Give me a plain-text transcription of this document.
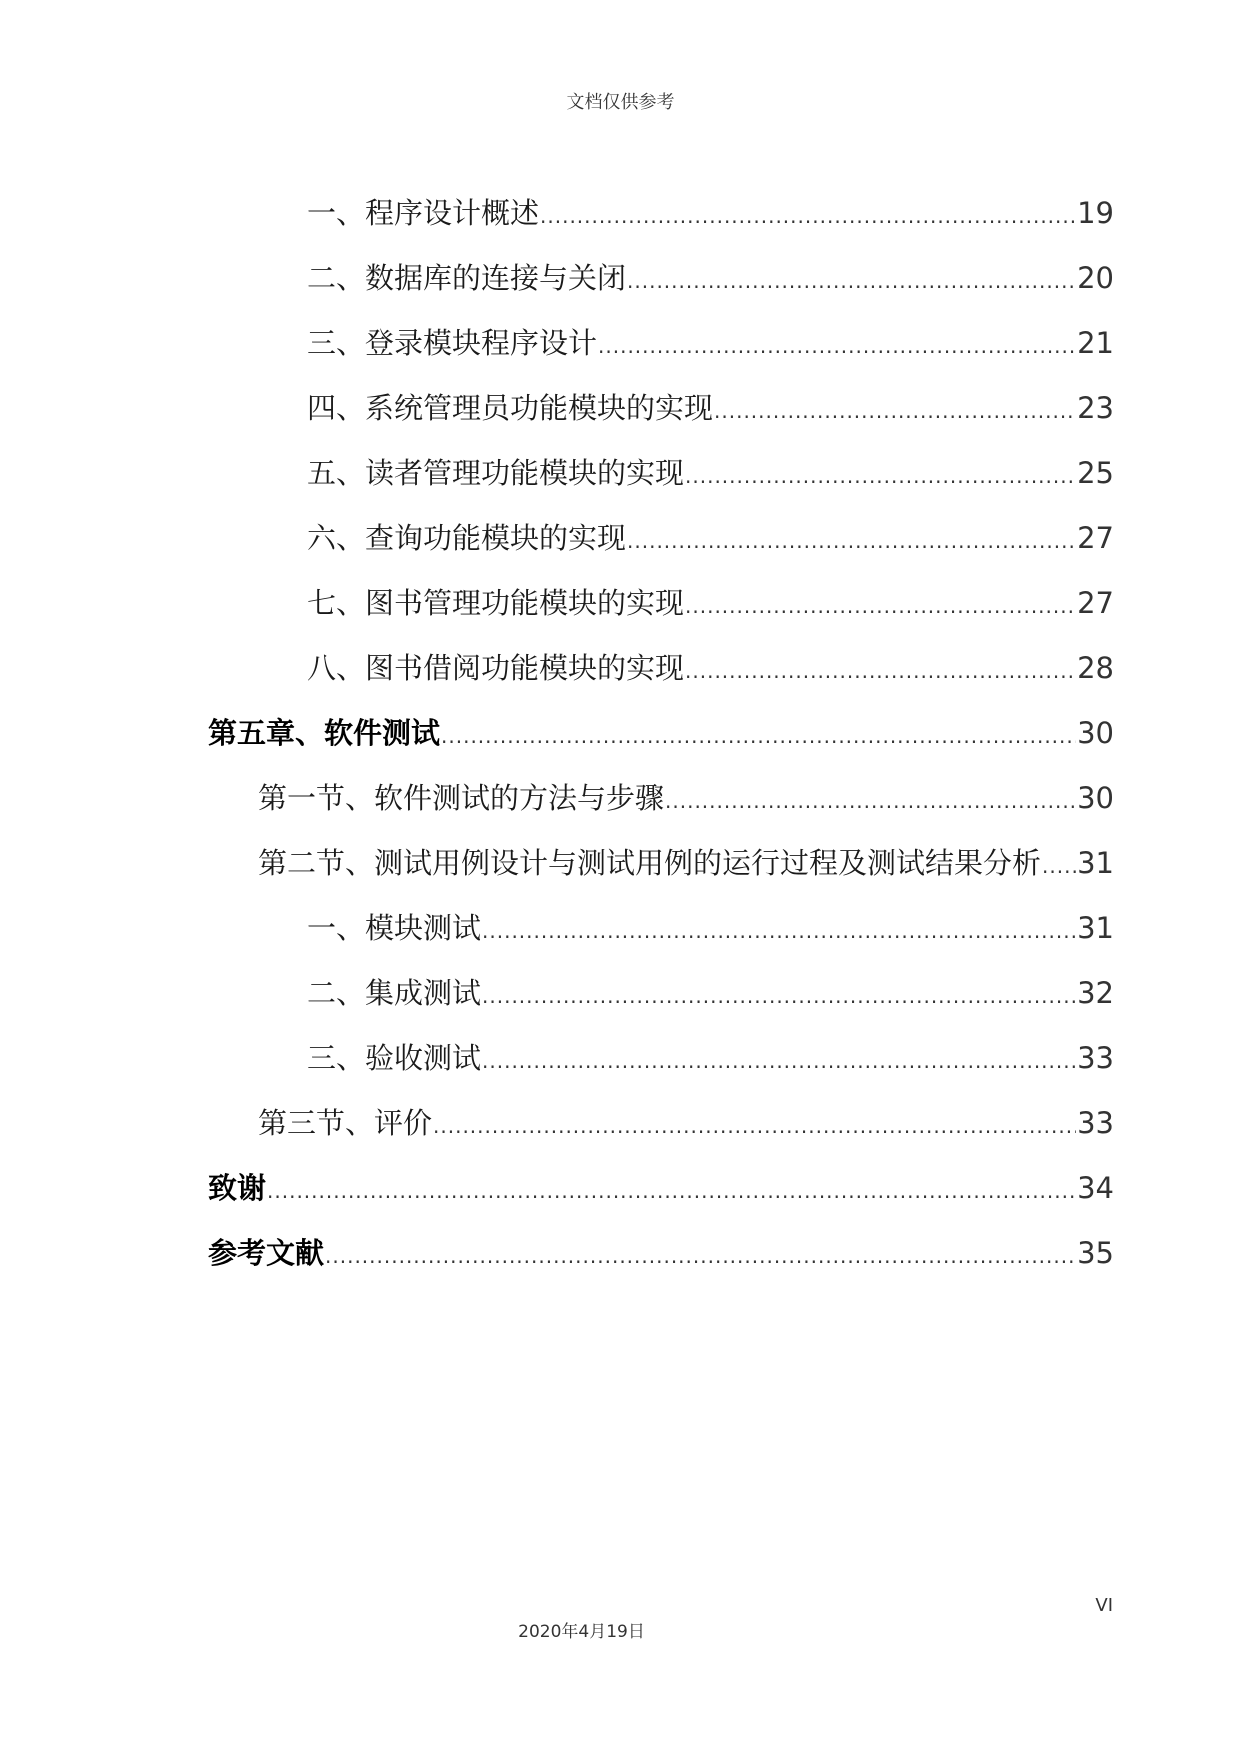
文档仅供参考
一、程序设计概述 .....	19
二、数据库的连接与关闭 .....	20
三、登录模块程序设计 .....	21
四、系统管理员功能模块的实现 .....	23
五、读者管理功能模块的实现 .....	25
六、查询功能模块的实现 .....	27
七、图书管理功能模块的实现 .....	27
八、图书借阅功能模块的实现 .....	28
第五章、软件测试 .....	30
第一节、软件测试的方法与步骤 .....	30
第二节、测试用例设计与测试用例的运行过程及测试结果分析 ..... 31
一、模块测试 .....	31
二、集成测试 .....	32
三、验收测试 .....	33
第三节、评价 .....	33
致谢 .....	34
参考文献 .....	35
VI
2020年4月19日
